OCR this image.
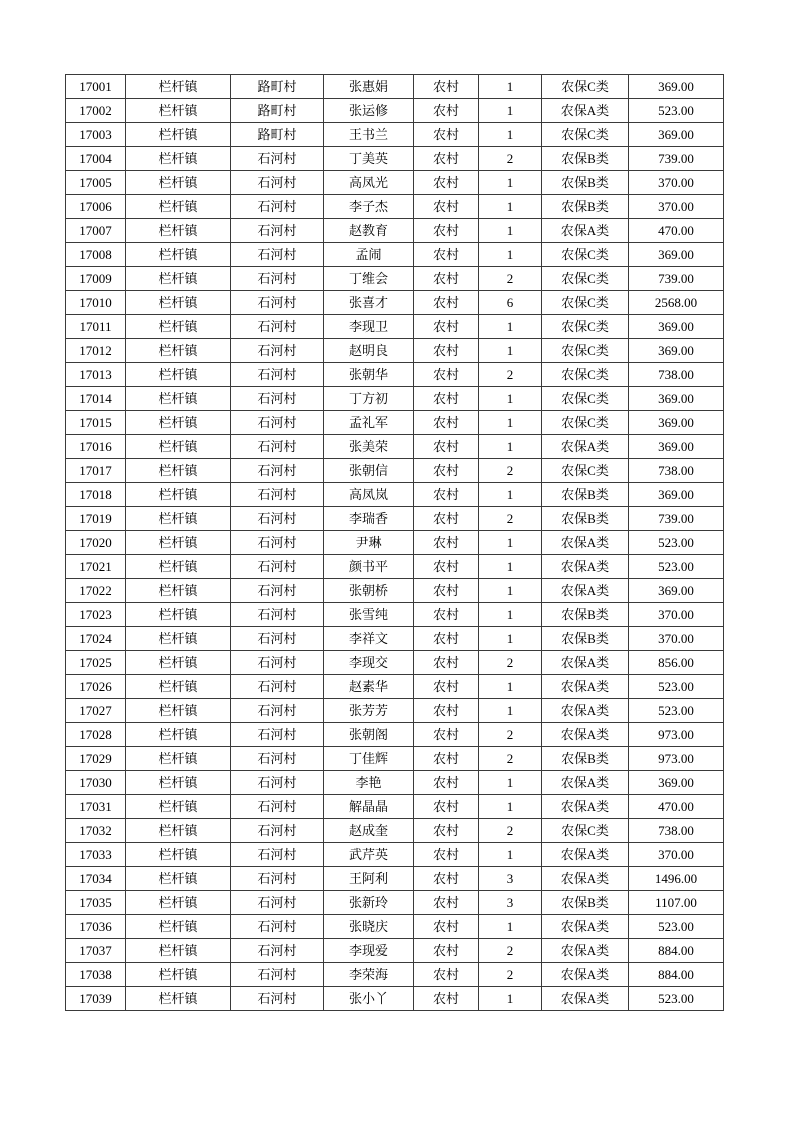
17001	栏杆镇	路町村	张惠娟	农村	1	农保C类	369.00
17002	栏杆镇	路町村	张运修	农村	1	农保A类	523.00
17003	栏杆镇	路町村	王书兰	农村	1	农保C类	369.00
17004	栏杆镇	石河村	丁美英	农村	2	农保B类	739.00
17005	栏杆镇	石河村	高凤光	农村	1	农保B类	370.00
17006	栏杆镇	石河村	李子杰	农村	1	农保B类	370.00
17007	栏杆镇	石河村	赵教育	农村	1	农保A类	470.00
17008	栏杆镇	石河村	孟闹	农村	1	农保C类	369.00
17009	栏杆镇	石河村	丁维会	农村	2	农保C类	739.00
17010	栏杆镇	石河村	张喜才	农村	6	农保C类	2568.00
17011	栏杆镇	石河村	李现卫	农村	1	农保C类	369.00
17012	栏杆镇	石河村	赵明良	农村	1	农保C类	369.00
17013	栏杆镇	石河村	张朝华	农村	2	农保C类	738.00
17014	栏杆镇	石河村	丁方初	农村	1	农保C类	369.00
17015	栏杆镇	石河村	孟礼军	农村	1	农保C类	369.00
17016	栏杆镇	石河村	张美荣	农村	1	农保A类	369.00
17017	栏杆镇	石河村	张朝信	农村	2	农保C类	738.00
17018	栏杆镇	石河村	高凤岚	农村	1	农保B类	369.00
17019	栏杆镇	石河村	李瑞香	农村	2	农保B类	739.00
17020	栏杆镇	石河村	尹琳	农村	1	农保A类	523.00
17021	栏杆镇	石河村	颜书平	农村	1	农保A类	523.00
17022	栏杆镇	石河村	张朝桥	农村	1	农保A类	369.00
17023	栏杆镇	石河村	张雪纯	农村	1	农保B类	370.00
17024	栏杆镇	石河村	李祥文	农村	1	农保B类	370.00
17025	栏杆镇	石河村	李现交	农村	2	农保A类	856.00
17026	栏杆镇	石河村	赵素华	农村	1	农保A类	523.00
17027	栏杆镇	石河村	张芳芳	农村	1	农保A类	523.00
17028	栏杆镇	石河村	张朝阁	农村	2	农保A类	973.00
17029	栏杆镇	石河村	丁佳辉	农村	2	农保B类	973.00
17030	栏杆镇	石河村	李艳	农村	1	农保A类	369.00
17031	栏杆镇	石河村	解晶晶	农村	1	农保A类	470.00
17032	栏杆镇	石河村	赵成奎	农村	2	农保C类	738.00
17033	栏杆镇	石河村	武芹英	农村	1	农保A类	370.00
17034	栏杆镇	石河村	王阿利	农村	3	农保A类	1496.00
17035	栏杆镇	石河村	张新玲	农村	3	农保B类	1107.00
17036	栏杆镇	石河村	张晓庆	农村	1	农保A类	523.00
17037	栏杆镇	石河村	李现爱	农村	2	农保A类	884.00
17038	栏杆镇	石河村	李荣海	农村	2	农保A类	884.00
17039	栏杆镇	石河村	张小丫	农村	1	农保A类	523.00
